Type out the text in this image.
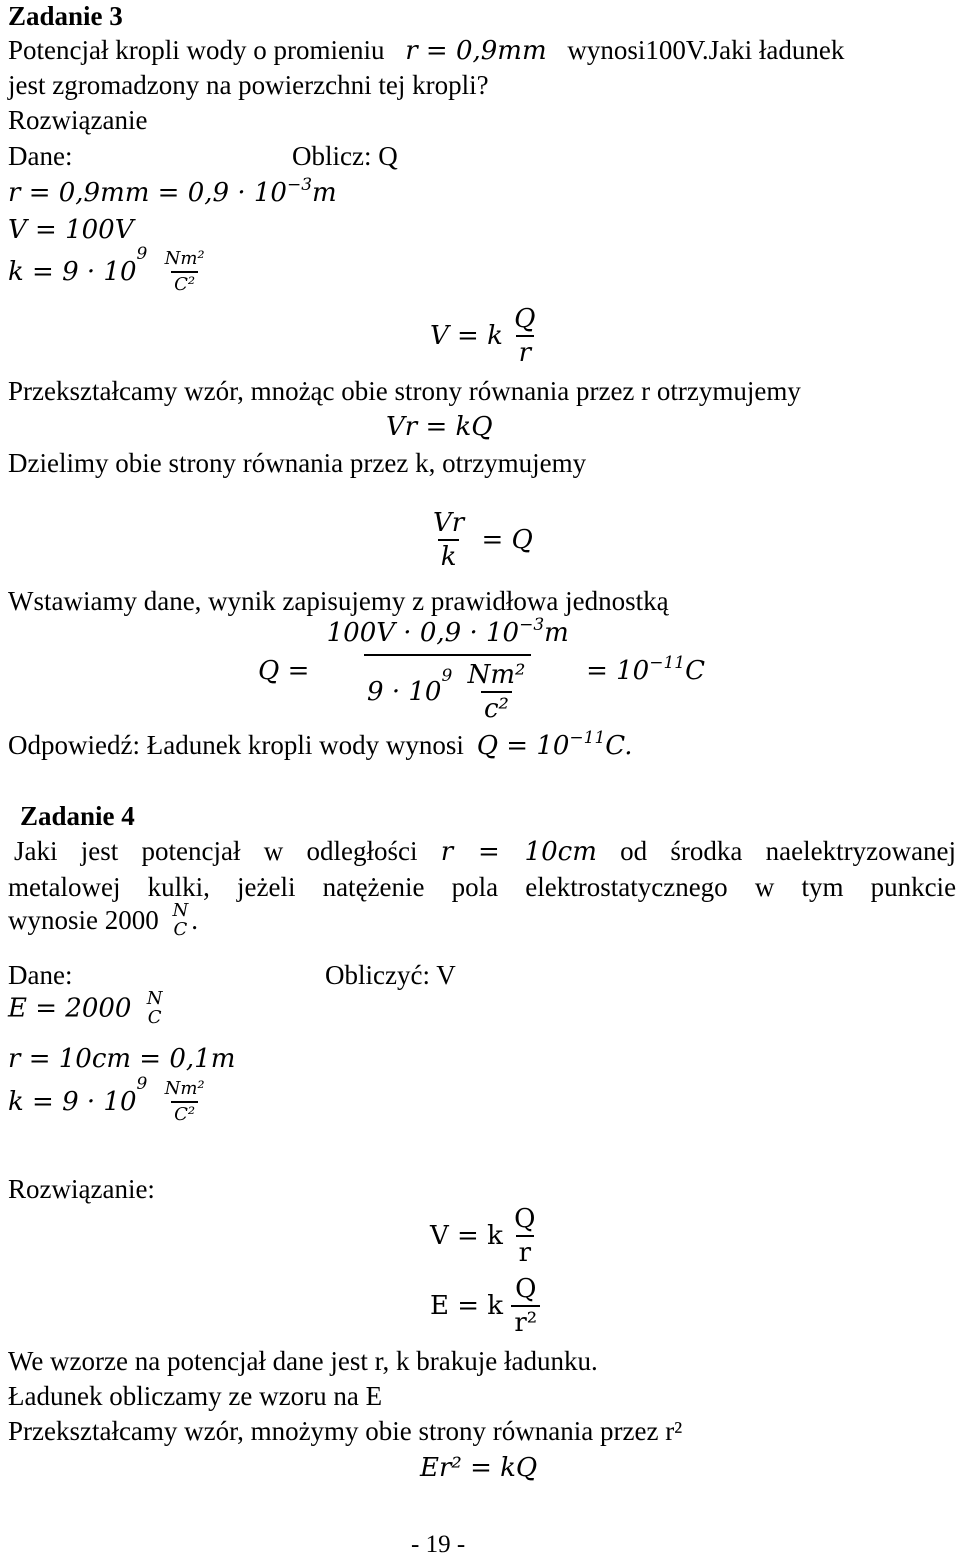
Zadanie 3
Potencjał kropli wody o promieniu r = 0,9mm wynosi100V.Jaki ładunek
jest zgromadzony na powierzchni tej kropli?
Rozwiązanie
Dane:	Oblicz: Q
$r = 0,9mm = 0,9 \cdot 10^{-3}m$
V = 100V
$k = 9 \cdot 10^9 \frac{\text{Nm²}}{\text{C²}}$
V = k $\frac{Q}{r}$
Przekształcamy wzór, mnożąc obie strony równania przez r otrzymujemy
Vr = kQ
Dzielimy obie strony równania przez k, otrzymujemy
$\frac{Vr}{k} = Q$
Wstawiamy dane, wynik zapisujemy z prawidłowa jednostką
$Q = \frac{100V \cdot 0,9 \cdot 10^{-3}m}{9 \cdot 10^9 \frac{\text{Nm²}}{\text{c²}}} = 10^{-11}C$
Odpowiedź: Ładunek kropli wody wynosi $Q = 10^{-11}C$.
Zadanie 4
Jaki jest potencjał w odległości r = 10cm od środka naelektryzowanej
metalowej kulki, jeżeli natężenie pola elektrostatycznego w tym punkcie
wynosie 2000 N
C .
Dane:	Obliczyć: V
E = 2000 N
C
r = 10cm = 0,1m
$k = 9 \cdot 10^9 \frac{\text{Nm²}}{\text{C²}}$
Rozwiązanie:
V = k $\frac{Q}{r}$
E = k $\frac{Q}{\text{r²}}$
We wzorze na potencjał dane jest r, k brakuje ładunku.
Ładunek obliczamy ze wzoru na E
Przekształcamy wzór, mnożymy obie strony równania przez r²
Er² = kQ
- 19 -
